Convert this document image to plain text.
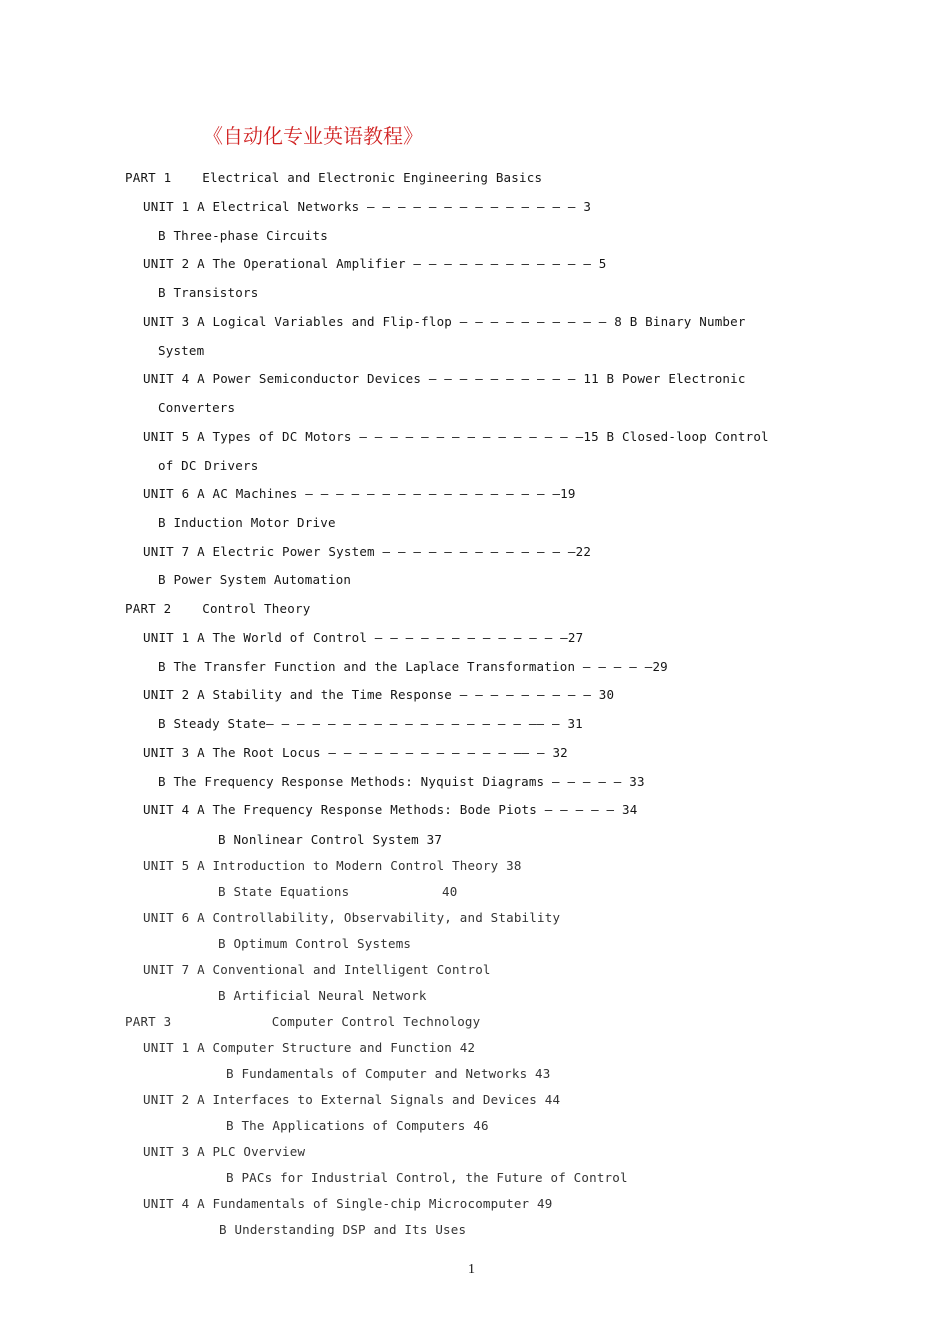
《自动化专业英语教程》
PART 1    Electrical and Electronic Engineering Basics
UNIT 1 A Electrical Networks — — — — — — — — — — — — — — 3
B Three-phase Circuits
UNIT 2 A The Operational Amplifier — — — — — — — — — — — — 5
B Transistors
UNIT 3 A Logical Variables and Flip-flop — — — — — — — — — — 8 B Binary Number
System
UNIT 4 A Power Semiconductor Devices — — — — — — — — — — 11 B Power Electronic
Converters
UNIT 5 A Types of DC Motors — — — — — — — — — — — — — — —15 B Closed-loop Control
of DC Drivers
UNIT 6 A AC Machines — — — — — — — — — — — — — — — — —19
B Induction Motor Drive
UNIT 7 A Electric Power System — — — — — — — — — — — — —22
B Power System Automation
PART 2    Control Theory
UNIT 1 A The World of Control — — — — — — — — — — — — —27
B The Transfer Function and the Laplace Transformation — — — — —29
UNIT 2 A Stability and the Time Response — — — — — — — — — 30
B Steady State— — — — — — — — — — — — — — — — — —— — 31
UNIT 3 A The Root Locus — — — — — — — — — — — — —— — 32
B The Frequency Response Methods: Nyquist Diagrams — — — — — 33
UNIT 4 A The Frequency Response Methods: Bode Piots — — — — — 34
B Nonlinear Control System 37
UNIT 5 A Introduction to Modern Control Theory 38
B State Equations            40
UNIT 6 A Controllability, Observability, and Stability
B Optimum Control Systems
UNIT 7 A Conventional and Intelligent Control
B Artificial Neural Network
PART 3             Computer Control Technology
UNIT 1 A Computer Structure and Function 42
B Fundamentals of Computer and Networks 43
UNIT 2 A Interfaces to External Signals and Devices 44
B The Applications of Computers 46
UNIT 3 A PLC Overview
B PACs for Industrial Control, the Future of Control
UNIT 4 A Fundamentals of Single-chip Microcomputer 49
B Understanding DSP and Its Uses
1
